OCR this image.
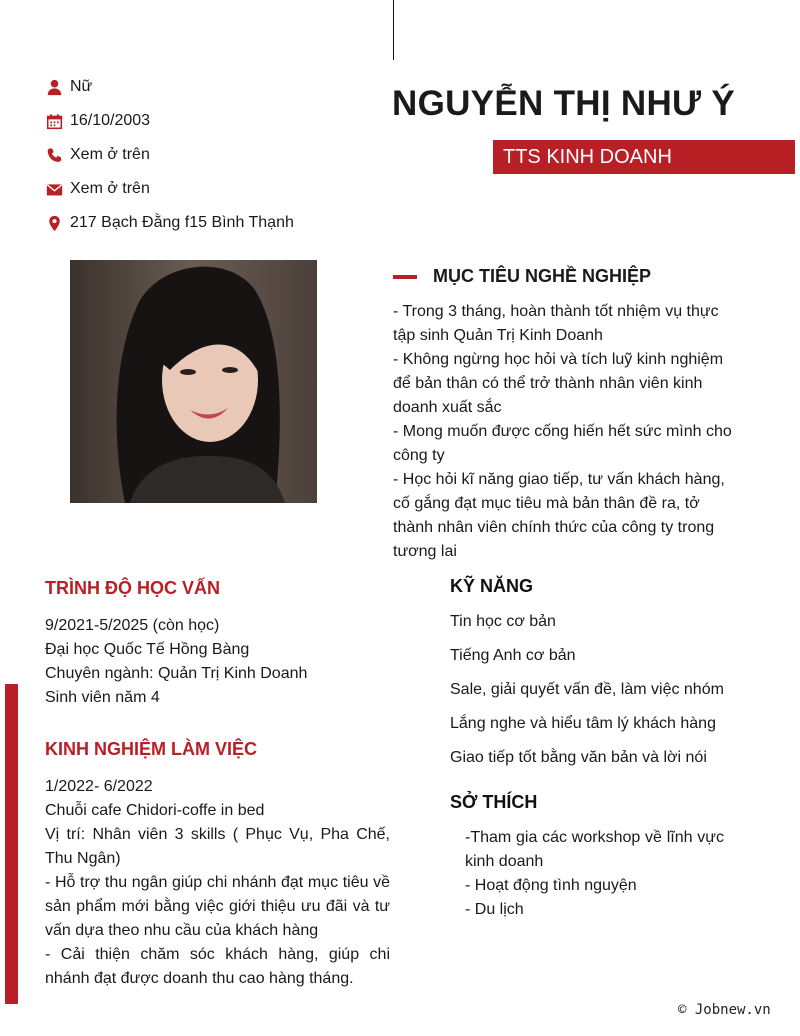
Nữ
16/10/2003
Xem ở trên
Xem ở trên
217 Bạch Đằng f15 Bình Thạnh
NGUYỄN THỊ NHƯ Ý
TTS KINH DOANH
MỤC TIÊU NGHỀ NGHIỆP
- Trong 3 tháng, hoàn thành tốt nhiệm vụ thực tập sinh Quản Trị Kinh Doanh
- Không ngừng học hỏi và tích luỹ kinh nghiệm để bản thân có thể trở thành nhân viên kinh doanh xuất sắc
- Mong muốn được cống hiến hết sức mình cho công ty
- Học hỏi kĩ năng giao tiếp, tư vấn khách hàng, cố gắng đạt mục tiêu mà bản thân đề ra, tở thành nhân viên chính thức của công ty trong tương lai
TRÌNH ĐỘ HỌC VẤN
9/2021-5/2025 (còn học)
Đại học Quốc Tế Hồng Bàng
Chuyên ngành: Quản Trị Kinh Doanh
Sinh viên năm 4
KINH NGHIỆM LÀM VIỆC
1/2022- 6/2022
Chuỗi cafe Chidori-coffe in bed
Vị trí: Nhân viên 3 skills ( Phục Vụ, Pha Chế, Thu Ngân)
- Hỗ trợ thu ngân giúp chi nhánh đạt mục tiêu về sản phẩm mới bằng việc giới thiệu ưu đãi và tư vấn dựa theo nhu cầu của khách hàng
- Cải thiện chăm sóc khách hàng, giúp chi nhánh đạt được doanh thu cao hàng tháng.
KỸ NĂNG
Tin học cơ bản
Tiếng Anh cơ bản
Sale, giải quyết vấn đề, làm việc nhóm
Lắng nghe và hiểu tâm lý khách hàng
Giao tiếp tốt bằng văn bản và lời nói
SỞ THÍCH
-Tham gia các workshop về lĩnh vực kinh doanh
- Hoạt động tình nguyện
- Du lịch
© Jobnew.vn
